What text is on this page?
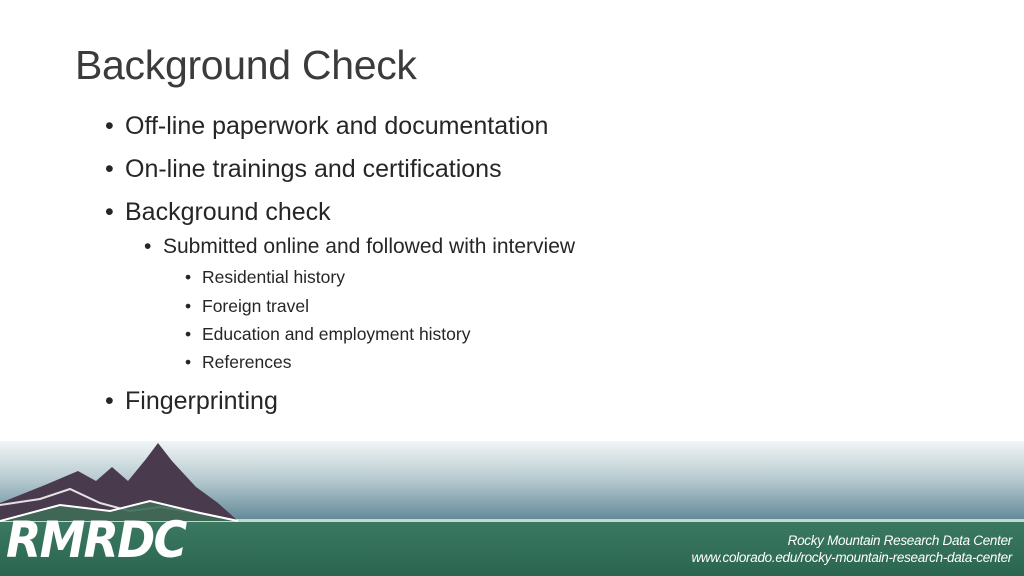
Background Check
• Off-line paperwork and documentation
• On-line trainings and certifications
• Background check
• Submitted online and followed with interview
• Residential history
• Foreign travel
• Education and employment history
• References
• Fingerprinting
RMRDC	Rocky Mountain Research Data Center
www.colorado.edu/rocky-mountain-research-data-center
